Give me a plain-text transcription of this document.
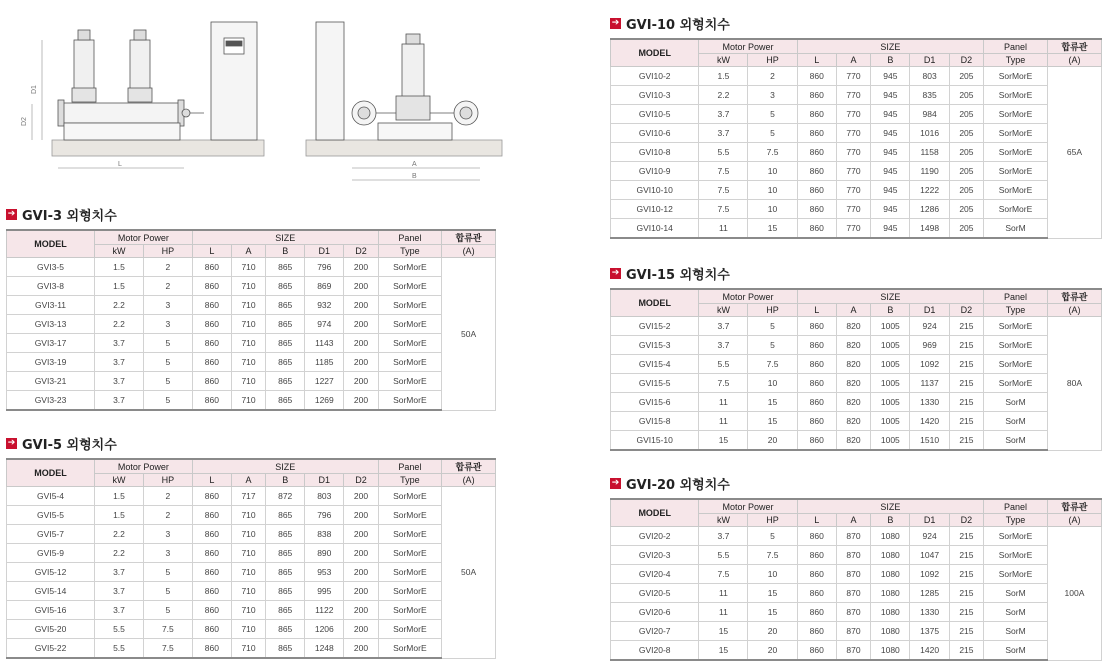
D1
D2
L	A
B
➔ GVI-3 외형치수
MODEL	Motor Power		SIZE					Panel	합류관
	kW	HP	L	A	B	D1	D2	Type	(A)
GVI3-5	1.5	2	860	710	865	796	200	SorMorE	50A
GVI3-8	1.5	2	860	710	865	869	200	SorMorE	
GVI3-11	2.2	3	860	710	865	932	200	SorMorE	
GVI3-13	2.2	3	860	710	865	974	200	SorMorE	
GVI3-17	3.7	5	860	710	865	1143	200	SorMorE	
GVI3-19	3.7	5	860	710	865	1185	200	SorMorE	
GVI3-21	3.7	5	860	710	865	1227	200	SorMorE	
GVI3-23	3.7	5	860	710	865	1269	200	SorMorE	
➔ GVI-5 외형치수
MODEL	Motor Power		SIZE					Panel	합류관
	kW	HP	L	A	B	D1	D2	Type	(A)
GVI5-4	1.5	2	860	717	872	803	200	SorMorE	50A
GVI5-5	1.5	2	860	710	865	796	200	SorMorE	
GVI5-7	2.2	3	860	710	865	838	200	SorMorE	
GVI5-9	2.2	3	860	710	865	890	200	SorMorE	
GVI5-12	3.7	5	860	710	865	953	200	SorMorE	
GVI5-14	3.7	5	860	710	865	995	200	SorMorE	
GVI5-16	3.7	5	860	710	865	1122	200	SorMorE	
GVI5-20	5.5	7.5	860	710	865	1206	200	SorMorE	
GVI5-22	5.5	7.5	860	710	865	1248	200	SorMorE	
➔ GVI-10 외형치수
MODEL	Motor Power		SIZE					Panel	합류관
	kW	HP	L	A	B	D1	D2	Type	(A)
GVI10-2	1.5	2	860	770	945	803	205	SorMorE	65A
GVI10-3	2.2	3	860	770	945	835	205	SorMorE	
GVI10-5	3.7	5	860	770	945	984	205	SorMorE	
GVI10-6	3.7	5	860	770	945	1016	205	SorMorE	
GVI10-8	5.5	7.5	860	770	945	1158	205	SorMorE	
GVI10-9	7.5	10	860	770	945	1190	205	SorMorE	
GVI10-10	7.5	10	860	770	945	1222	205	SorMorE	
GVI10-12	7.5	10	860	770	945	1286	205	SorMorE	
GVI10-14	11	15	860	770	945	1498	205	SorM	
➔ GVI-15 외형치수
MODEL	Motor Power		SIZE					Panel	합류관
	kW	HP	L	A	B	D1	D2	Type	(A)
GVI15-2	3.7	5	860	820	1005	924	215	SorMorE	80A
GVI15-3	3.7	5	860	820	1005	969	215	SorMorE	
GVI15-4	5.5	7.5	860	820	1005	1092	215	SorMorE	
GVI15-5	7.5	10	860	820	1005	1137	215	SorMorE	
GVI15-6	11	15	860	820	1005	1330	215	SorM	
GVI15-8	11	15	860	820	1005	1420	215	SorM	
GVI15-10	15	20	860	820	1005	1510	215	SorM	
➔ GVI-20 외형치수
MODEL	Motor Power		SIZE					Panel	합류관
	kW	HP	L	A	B	D1	D2	Type	(A)
GVI20-2	3.7	5	860	870	1080	924	215	SorMorE	100A
GVI20-3	5.5	7.5	860	870	1080	1047	215	SorMorE	
GVI20-4	7.5	10	860	870	1080	1092	215	SorMorE	
GVI20-5	11	15	860	870	1080	1285	215	SorM	
GVI20-6	11	15	860	870	1080	1330	215	SorM	
GVI20-7	15	20	860	870	1080	1375	215	SorM	
GVI20-8	15	20	860	870	1080	1420	215	SorM	
